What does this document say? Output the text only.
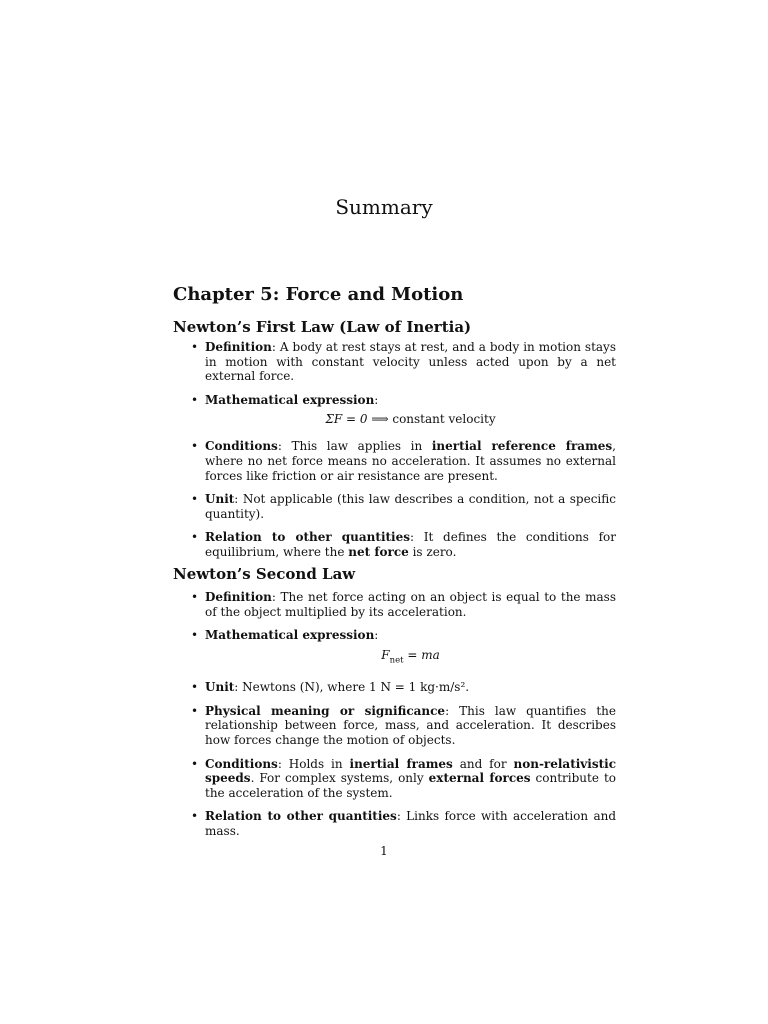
Summary
Chapter 5: Force and Motion
Newton’s First Law (Law of Inertia)
• Definition: A body at rest stays at rest, and a body in motion stays in motion with constant velocity unless acted upon by a net external force.
• Mathematical expression:
ΣF = 0 ⟹ constant velocity
• Conditions: This law applies in inertial reference frames, where no net force means no acceleration. It assumes no external forces like friction or air resistance are present.
• Unit: Not applicable (this law describes a condition, not a specific quantity).
• Relation to other quantities: It defines the conditions for equilibrium, where the net force is zero.
Newton’s Second Law
• Definition: The net force acting on an object is equal to the mass of the object multiplied by its acceleration.
• Mathematical expression:
$F_{net}$ = ma
• Unit: Newtons (N), where 1 N = 1 kg·m/s².
• Physical meaning or significance: This law quantifies the relationship between force, mass, and acceleration. It describes how forces change the motion of objects.
• Conditions: Holds in inertial frames and for non-relativistic speeds. For complex systems, only external forces contribute to the acceleration of the system.
• Relation to other quantities: Links force with acceleration and mass.
1
